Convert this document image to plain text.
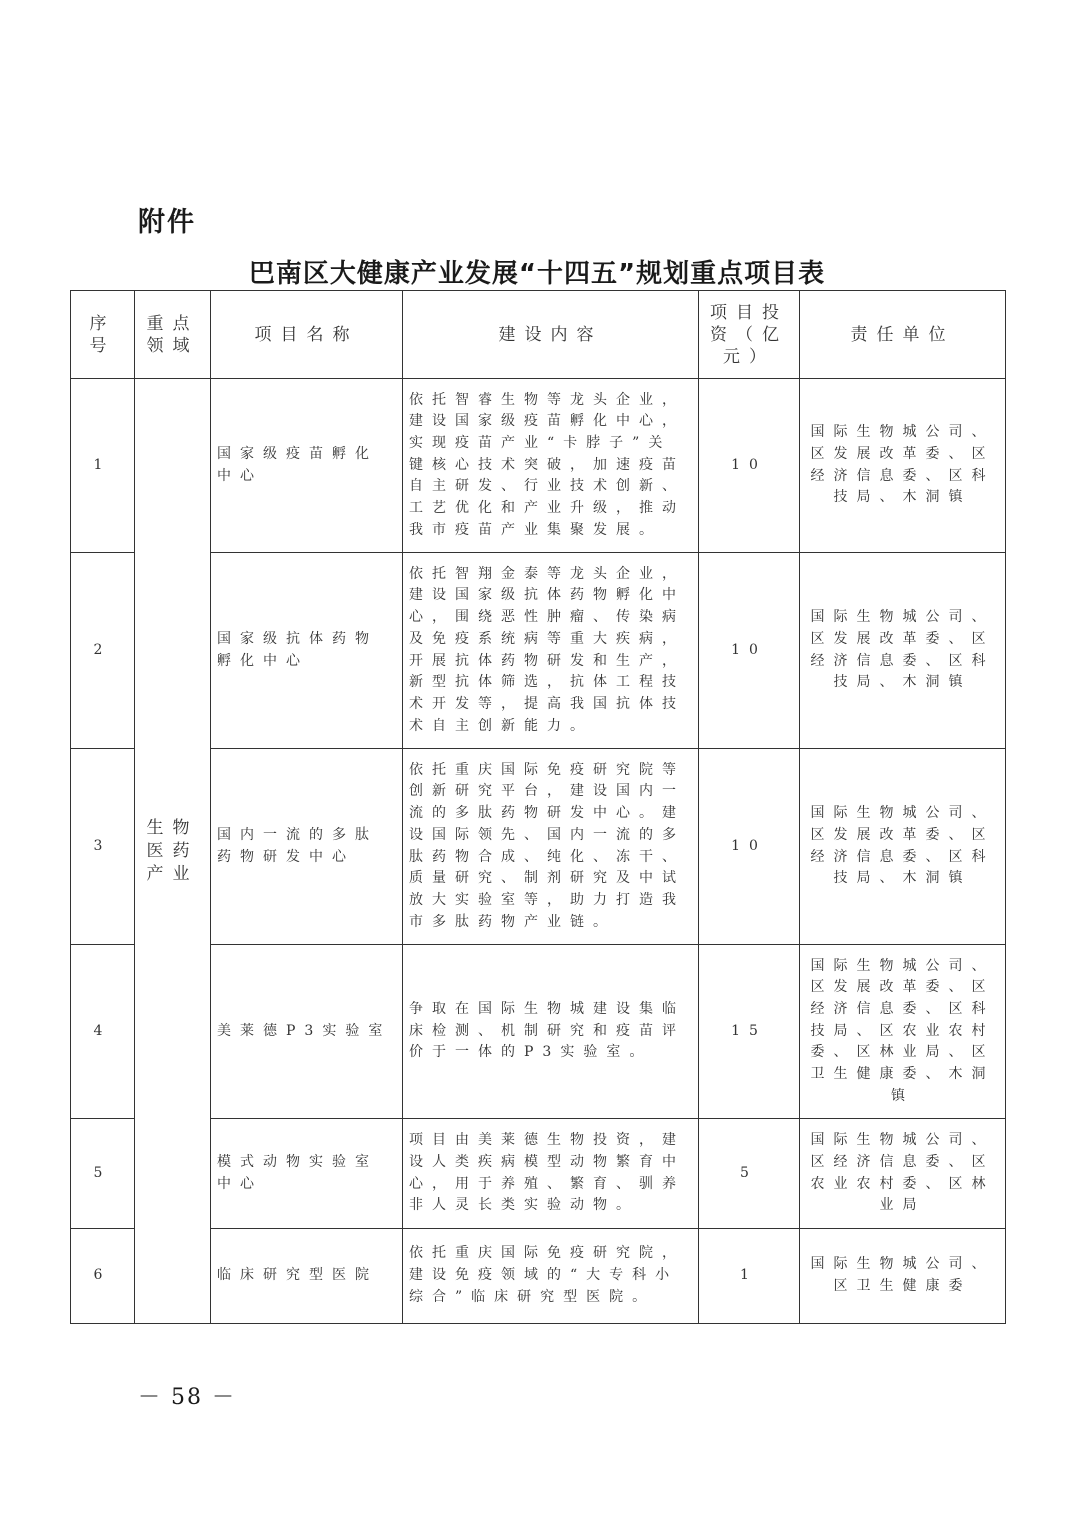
附件
巴南区大健康产业发展“十四五”规划重点项目表
序号	重点领域	项目名称	建设内容	项目投资（亿元）	责任单位
1	生物医药产业	国家级疫苗孵化中心	依托智睿生物等龙头企业，建设国家级疫苗孵化中心，实现疫苗产业“卡脖子”关键核心技术突破，加速疫苗自主研发、行业技术创新、工艺优化和产业升级，推动我市疫苗产业集聚发展。	10	国际生物城公司、区发展改革委、区经济信息委、区科技局、木洞镇
2		国家级抗体药物孵化中心	依托智翔金泰等龙头企业，建设国家级抗体药物孵化中心，围绕恶性肿瘤、传染病及免疫系统病等重大疾病，开展抗体药物研发和生产，新型抗体筛选，抗体工程技术开发等，提高我国抗体技术自主创新能力。	10	国际生物城公司、区发展改革委、区经济信息委、区科技局、木洞镇
3		国内一流的多肽药物研发中心	依托重庆国际免疫研究院等创新研究平台，建设国内一流的多肽药物研发中心。建设国际领先、国内一流的多肽药物合成、纯化、冻干、质量研究、制剂研究及中试放大实验室等，助力打造我市多肽药物产业链。	10	国际生物城公司、区发展改革委、区经济信息委、区科技局、木洞镇
4		美莱德P3实验室	争取在国际生物城建设集临床检测、机制研究和疫苗评价于一体的P3实验室。	15	国际生物城公司、区发展改革委、区经济信息委、区科技局、区农业农村委、区林业局、区卫生健康委、木洞镇
5		模式动物实验室中心	项目由美莱德生物投资，建设人类疾病模型动物繁育中心，用于养殖、繁育、驯养非人灵长类实验动物。	5	国际生物城公司、区经济信息委、区农业农村委、区林业局
6		临床研究型医院	依托重庆国际免疫研究院，建设免疫领域的“大专科小综合”临床研究型医院。	1	国际生物城公司、区卫生健康委
－ 58 －
